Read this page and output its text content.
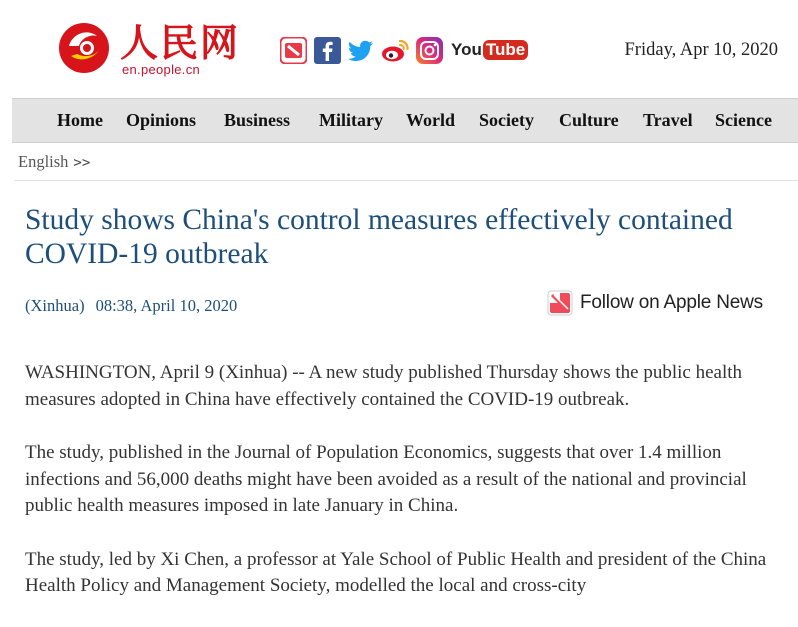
en.people.cn
人民网	You Tube	Friday, Apr 10, 2020
Home Opinions Business Military World Society Culture Travel Science
English >>
Study shows China's control measures effectively contained COVID-19 outbreak
(Xinhua) 08:38, April 10, 2020	Follow on Apple News

WASHINGTON, April 9 (Xinhua) -- A new study published Thursday shows the public health measures adopted in China have effectively contained the COVID-19 outbreak.

The study, published in the Journal of Population Economics, suggests that over 1.4 million infections and 56,000 deaths might have been avoided as a result of the national and provincial public health measures imposed in late January in China.

The study, led by Xi Chen, a professor at Yale School of Public Health and president of the China Health Policy and Management Society, modelled the local and cross-city
